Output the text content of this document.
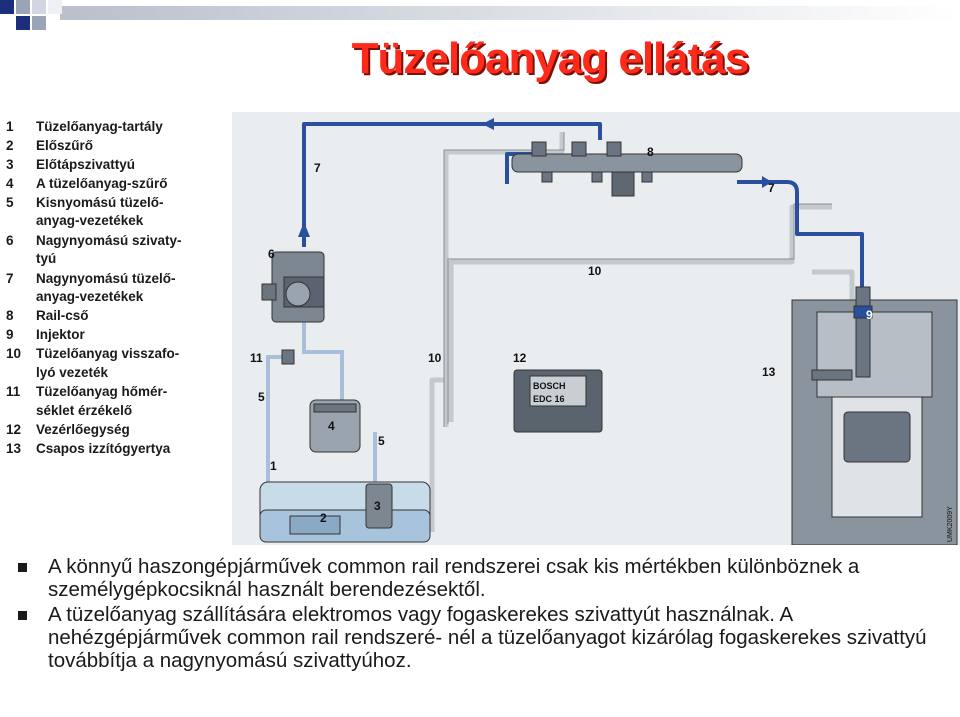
Tüzelőanyag ellátás
1 Tüzelőanyag-tartály
2 Előszűrő
3 Előtápszivattyú
4 A tüzelőanyag-szűrő
5 Kisnyomású tüzelő-
anyag-vezetékek
6 Nagynyomású szivaty-
tyú
7 Nagynyomású tüzelő-
anyag-vezetékek
8 Rail-cső
9 Injektor
10 Tüzelőanyag visszafo-
lyó vezeték
11 Tüzelőanyag hőmér-
séklet érzékelő
12 Vezérlőegység
13 Csapos izzítógyertya
BOSCH
EDC 16
1
2
3
4
5
5
6
7
7
8
9
10
10
11	12
13
UMK2009Y
A könnyű haszongépjárművek common rail rendszerei csak kis mértékben különböznek a személygépkocsiknál használt berendezésektől.
A tüzelőanyag szállítására elektromos vagy fogaskerekes szivattyút használnak. A nehézgépjárművek common rail rendszeré- nél a tüzelőanyagot kizárólag fogaskerekes szivattyú továbbítja a nagynyomású szivattyúhoz.
